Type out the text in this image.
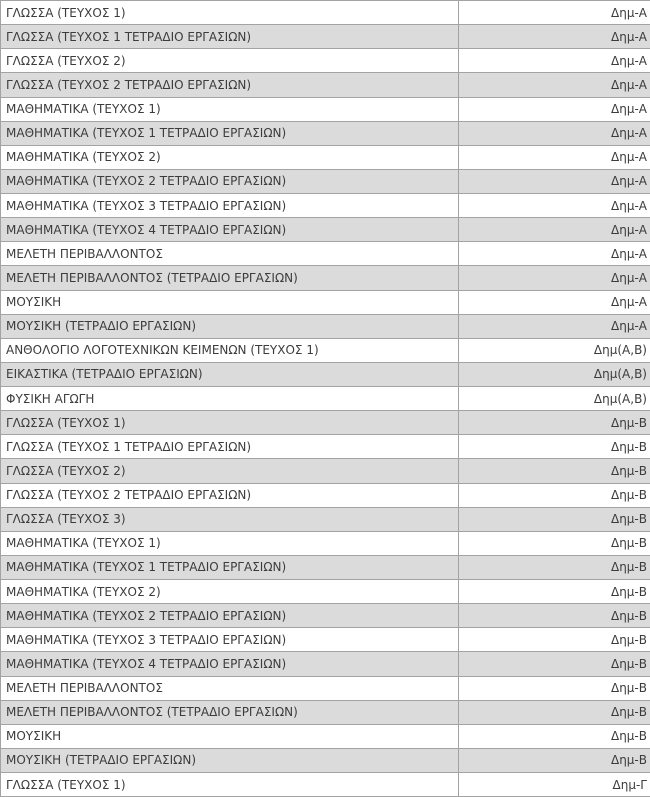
ΓΛΩΣΣΑ (ΤΕΥΧΟΣ 1)	Δημ-Α
ΓΛΩΣΣΑ (ΤΕΥΧΟΣ 1 ΤΕΤΡΑΔΙΟ ΕΡΓΑΣΙΩΝ)	Δημ-Α
ΓΛΩΣΣΑ (ΤΕΥΧΟΣ 2)	Δημ-Α
ΓΛΩΣΣΑ (ΤΕΥΧΟΣ 2 ΤΕΤΡΑΔΙΟ ΕΡΓΑΣΙΩΝ)	Δημ-Α
ΜΑΘΗΜΑΤΙΚΑ (ΤΕΥΧΟΣ 1)	Δημ-Α
ΜΑΘΗΜΑΤΙΚΑ (ΤΕΥΧΟΣ 1 ΤΕΤΡΑΔΙΟ ΕΡΓΑΣΙΩΝ)	Δημ-Α
ΜΑΘΗΜΑΤΙΚΑ (ΤΕΥΧΟΣ 2)	Δημ-Α
ΜΑΘΗΜΑΤΙΚΑ (ΤΕΥΧΟΣ 2 ΤΕΤΡΑΔΙΟ ΕΡΓΑΣΙΩΝ)	Δημ-Α
ΜΑΘΗΜΑΤΙΚΑ (ΤΕΥΧΟΣ 3 ΤΕΤΡΑΔΙΟ ΕΡΓΑΣΙΩΝ)	Δημ-Α
ΜΑΘΗΜΑΤΙΚΑ (ΤΕΥΧΟΣ 4 ΤΕΤΡΑΔΙΟ ΕΡΓΑΣΙΩΝ)	Δημ-Α
ΜΕΛΕΤΗ ΠΕΡΙΒΑΛΛΟΝΤΟΣ	Δημ-Α
ΜΕΛΕΤΗ ΠΕΡΙΒΑΛΛΟΝΤΟΣ (ΤΕΤΡΑΔΙΟ ΕΡΓΑΣΙΩΝ)	Δημ-Α
ΜΟΥΣΙΚΗ	Δημ-Α
ΜΟΥΣΙΚΗ (ΤΕΤΡΑΔΙΟ ΕΡΓΑΣΙΩΝ)	Δημ-Α
ΑΝΘΟΛΟΓΙΟ ΛΟΓΟΤΕΧΝΙΚΩΝ ΚΕΙΜΕΝΩΝ (ΤΕΥΧΟΣ 1)	Δημ(Α,Β)
ΕΙΚΑΣΤΙΚΑ (ΤΕΤΡΑΔΙΟ ΕΡΓΑΣΙΩΝ)	Δημ(Α,Β)
ΦΥΣΙΚΗ ΑΓΩΓΗ	Δημ(Α,Β)
ΓΛΩΣΣΑ (ΤΕΥΧΟΣ 1)	Δημ-Β
ΓΛΩΣΣΑ (ΤΕΥΧΟΣ 1 ΤΕΤΡΑΔΙΟ ΕΡΓΑΣΙΩΝ)	Δημ-Β
ΓΛΩΣΣΑ (ΤΕΥΧΟΣ 2)	Δημ-Β
ΓΛΩΣΣΑ (ΤΕΥΧΟΣ 2 ΤΕΤΡΑΔΙΟ ΕΡΓΑΣΙΩΝ)	Δημ-Β
ΓΛΩΣΣΑ (ΤΕΥΧΟΣ 3)	Δημ-Β
ΜΑΘΗΜΑΤΙΚΑ (ΤΕΥΧΟΣ 1)	Δημ-Β
ΜΑΘΗΜΑΤΙΚΑ (ΤΕΥΧΟΣ 1 ΤΕΤΡΑΔΙΟ ΕΡΓΑΣΙΩΝ)	Δημ-Β
ΜΑΘΗΜΑΤΙΚΑ (ΤΕΥΧΟΣ 2)	Δημ-Β
ΜΑΘΗΜΑΤΙΚΑ (ΤΕΥΧΟΣ 2 ΤΕΤΡΑΔΙΟ ΕΡΓΑΣΙΩΝ)	Δημ-Β
ΜΑΘΗΜΑΤΙΚΑ (ΤΕΥΧΟΣ 3 ΤΕΤΡΑΔΙΟ ΕΡΓΑΣΙΩΝ)	Δημ-Β
ΜΑΘΗΜΑΤΙΚΑ (ΤΕΥΧΟΣ 4 ΤΕΤΡΑΔΙΟ ΕΡΓΑΣΙΩΝ)	Δημ-Β
ΜΕΛΕΤΗ ΠΕΡΙΒΑΛΛΟΝΤΟΣ	Δημ-Β
ΜΕΛΕΤΗ ΠΕΡΙΒΑΛΛΟΝΤΟΣ (ΤΕΤΡΑΔΙΟ ΕΡΓΑΣΙΩΝ)	Δημ-Β
ΜΟΥΣΙΚΗ	Δημ-Β
ΜΟΥΣΙΚΗ (ΤΕΤΡΑΔΙΟ ΕΡΓΑΣΙΩΝ)	Δημ-Β
ΓΛΩΣΣΑ (ΤΕΥΧΟΣ 1)	Δημ-Γ
